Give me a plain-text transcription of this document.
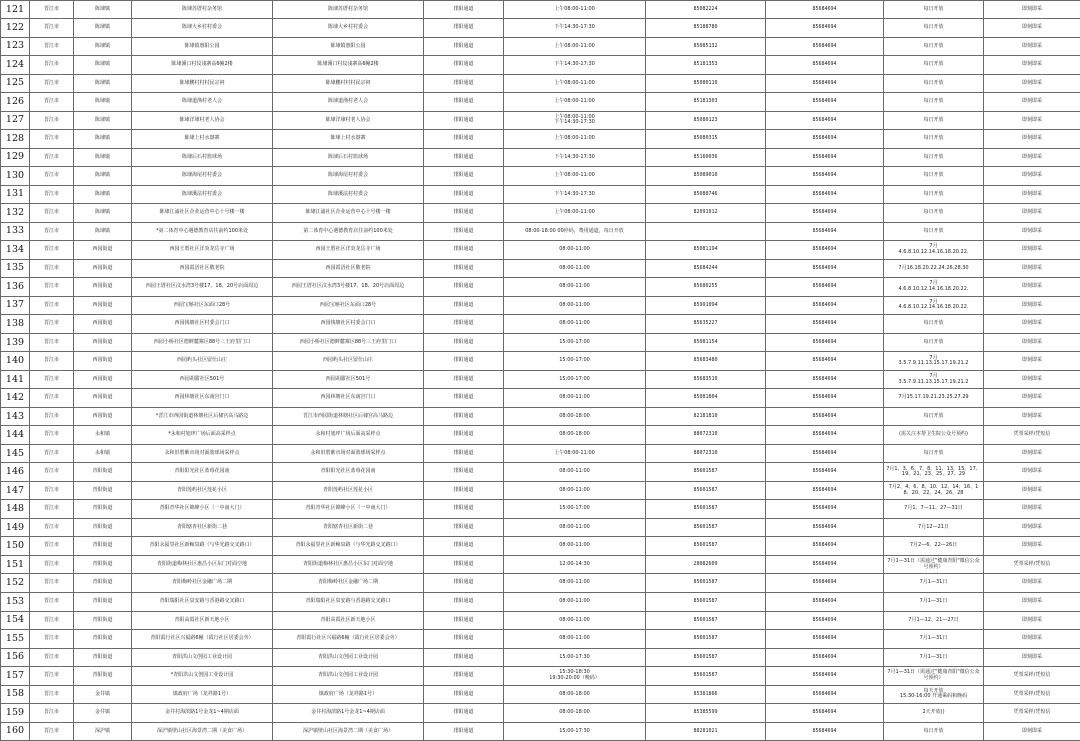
121	晋江市	陈埭镇	陈埭苏厝村杂务馆	陈埭苏厝村杂务馆	排阳通道	上午08:00-11:00	85082224	85684694	每日开放	即刻即采
122	晋江市	陈埭镇	陈埭大乡村村委会	陈埭大乡村村委会	排阳通道	下午14:30-17:30	85188780	85684694	每日开放	即刻即采
123	晋江市	陈埭镇	陈埭镇惠阳公园	陈埭镇惠阳公园	排阳通道	上午08:00-11:00	85085132	85684694	每日开放	即刻即采
124	晋江市	陈埭镇	陈埭溪口村坟浅寨高6幢2楼	陈埭溪口村坟浅寨高6幢2楼	排阳通道	下午14:30-17:30	85181353	85684694	每日开放	即刻即采
125	晋江市	陈埭镇	陈埭鹏村村村民宗祠	陈埭鹏村村村民宗祠	排阳通道	上午08:00-11:00	85080110	85684694	每日开放	即刻即采
126	晋江市	陈埭镇	陈埭道渔村老人会	陈埭道渔村老人会	排阳通道	上午08:00-11:00	85181303	85684694	每日开放	即刻即采
127	晋江市	陈埭镇	陈埭洋埭村老人协会	陈埭洋埭村老人协会	排阳通道	上午08:00-11:00
下午14:30-17:30	85080123	85684694	每日开放	即刻即采
128	晋江市	陈埭镇	陈埭上村水寮寨	陈埭上村水寮寨	排阳通道	上午08:00-11:00	85080315	85684694	每日开放	即刻即采
129	晋江市	陈埭镇	陈埭后石村篮球场	陈埭后石村篮球场	排阳通道	下午14:30-17:30	85160036	85684694	每日开放	即刻即采
130	晋江市	陈埭镇	陈埭海尾村村委会	陈埭海尾村村委会	排阳通道	上午08:00-11:00	85089010	85684694	每日开放	即刻即采
131	晋江市	陈埭镇	陈埭溪法村村委会	陈埭溪法村村委会	排阳通道	下午14:30-17:30	85080746	85684694	每日开放	即刻即采
132	晋江市	陈埭镇	陈埭江浦社区企业运营中心十号楼一楼	陈埭江浦社区企业运营中心十号楼一楼	排阳通道	上午08:00-11:00	82091912	85684694	每日开放	即刻即采
133	晋江市	陈埭镇	*第二体育中心遇德教育店往前约100米处	第二体育中心遇德教育店往前约100米处	排阳通道	08:00-18:00 00停码，费用通道，每日开放		85684694	每日开放	即刻即采
134	晋江市	西园街道	西园王厝社区洋炎龙岳寺广场	西园王厝社区洋炎龙岳寺广场	排阳通道	08:00-11:00	85081194	85684694	7月
4.6.8.10.12.14.16.18.20.22.	即刻即采
135	晋江市	西园街道	西园霞浯社区敬老院	西园霞浯社区敬老院	排阳通道	08:00-11:00	85684244	85684694	7月16.18.20.22.24.26.28.30	即刻即采
136	晋江市	西园街道	西园王厝社区汶水湾3号楼17、18、20号店面周边	西园王厝社区汶水湾3号楼17、18、20号店面周边	排阳通道	08:00-11:00	85680255	85684694	7月
4.6.8.10.12.14.16.18.20.22.	即刻即采
137	晋江市	西园街道	西园宝斛社区东面口28号	西园宝斛社区东面口28号	排阳通道	08:00-11:00	85991094	85684694	7月
4.6.8.10.12.14.16.18.20.22.	即刻即采
138	晋江市	西园街道	西园钱塘社区村委会门口	西园钱塘社区村委会门口	排阳通道	08:00-11:00	85635227	85684694	每日开放	即刻即采
139	晋江市	西园街道	西园小桥社区德鲜麓寨区88号三王府里门口	西园小桥社区德鲜麓寨区88号三王府里门口	排阳通道	15:00-17:00	85081154	85684694	每日开放	即刻即采
140	晋江市	西园街道	西园屿头社区留仕山庄	西园屿头社区留仕山庄	排阳通道	15:00-17:00	85683480	85684694	7月
3.5.7.9.11.13.15.17.19.21.2	即刻即采
141	晋江市	西园街道	西园胡甜社区501号	西园胡甜社区501号	排阳通道	15:00-17:00	85683510	85684694	7月
3.5.7.9.11.13.15.17.19.21.2	即刻即采
142	晋江市	西园街道	西园林塘社区东南宫门口	西园林塘社区东南宫门口	排阳通道	08:00-11:00	85081804	85684694	7月15.17.19.21.23.25.27.29	即刻即采
143	晋江市	西园街道	*晋江市西园街道林塘社区后棣宫高马路边	晋江市西园街道林塘社区后棣宫高马路边	排阳通道	08:00-18:00	82181810	85684694	每日开放	即刻即采
144	晋江市	永和镇	*永和村旭坪广场后面高采样点	永和村旭坪广场后面高采样点	排阳通道	08:00-18:00	88072310	85684694	(需关注本帮卫生院公众号预约)	凭票采样/凭短信
145	晋江市	永和镇	永和旧厝紫市场对面篮球场采样点	永和旧厝紫市场对面篮球场采样点	排阳通道	上午08:00-11:00	88072310	85684694	每日开放	即刻即采
146	晋江市	青阳街道	青阳阳光社区蓝莓花园南	青阳阳光社区蓝莓花园南	排阳通道	08:00-11:00	85601587	85684694	7月1、3、6、7、8、11、13、15、17、19、21、23、25、27、29	即刻即采
147	晋江市	青阳街道	青阳莲屿社区莲花小区	青阳莲屿社区莲花小区	排阳通道	08:00-11:00	85601587	85684694	7月2、4、6、8、10、12、14、16、18、20、22、24、26、28	即刻即采
148	晋江市	青阳街道	青阳青华社区锦峰小区（一中南大门）	青阳青华社区锦峰小区（一中南大门）	排阳通道	15:00-17:00	85601587	85684694	7月1、7—11、27—31日	即刻即采
149	晋江市	青阳街道	青阳辖青社区新街二巷	青阳辖青社区新街二巷	排阳通道	08:00-11:00	85601587	85684694	7月12—21日	即刻即采
150	晋江市	青阳街道	青阳永福里社区新鲸泉路（与华光路交叉路口）	青阳永福里社区新鲸泉路（与华光路交叉路口）	排阳通道	08:00-11:00	85601587	85684694	7月2—6、22—26日	即刻即采
151	晋江市	青阳街道	青阳街道梅林社区惠昌小区东门对面空地	青阳街道梅林社区惠昌小区东门对面空地	排阳通道	12:00-14:30	28082609	85684694	7月1—31日（需通过"健康青阳"微信公众号预约）	凭票采样/凭短信
152	晋江市	青阳街道	青阳梅岭社区金融广场二期	青阳梅岭社区金融广场二期	排阳通道	08:00-11:00	85601587	85684694	7月1—31日	即刻即采
153	晋江市	青阳街道	青阳瑞阳社区泉安路与香港路交叉路口	青阳瑞阳社区泉安路与香港路交叉路口	排阳通道	08:00-11:00	85601587	85684694	7月1—31日	即刻即采
154	晋江市	青阳街道	青阳高霞社区新天地小区	青阳高霞社区新天地小区	排阳通道	08:00-11:00	85601587	85684694	7月1—12、21—27日	即刻即采
155	晋江市	青阳街道	青阳霞行社区兴福路6幢（霞行社区居委会旁）	青阳霞行社区兴福路6幢（霞行社区居委会旁）	排阳通道	08:00-11:00	85601587	85684694	7月1—31日	即刻即采
156	晋江市	青阳街道	青阳洪山文创园工业设计园	青阳洪山文创园工业设计园	排阳通道	15:00-17:30	85601587	85684694	7月1—31日	即刻即采
157	晋江市	青阳街道	*青阳洪山文创园工业设计园	青阳洪山文创园工业设计园	排阳通道	15:30-18:30
19:30-20:00（晚码）	85601587	85684694	7月1—31日（需通过"健康青阳"微信公众号预约）	凭票采样/凭短信
158	晋江市	金井镇	镇政府广场（龙祥路1号）	镇政府广场（龙祥路1号）	排阳通道	08:00-18:00	85381866	85684694	每天开放
15:30-16:00 开通乘码和晚码	凭票采样/凭短信
159	晋江市	金井镇	金井村海滨路1号金龙1~4期店面	金井村海滨路1号金龙1~4期店面	排阳通道	08:00-18:00	85385599	85684694	2天开放()	凭票采样/凭短信
160	晋江市	深沪镇	深沪镇壁山社区海景湾二期（美食广场）	深沪镇壁山社区海景湾二期（美食广场）	排阳通道	15:00-17:30	88281021	85684694	每日开放	即刻即采
